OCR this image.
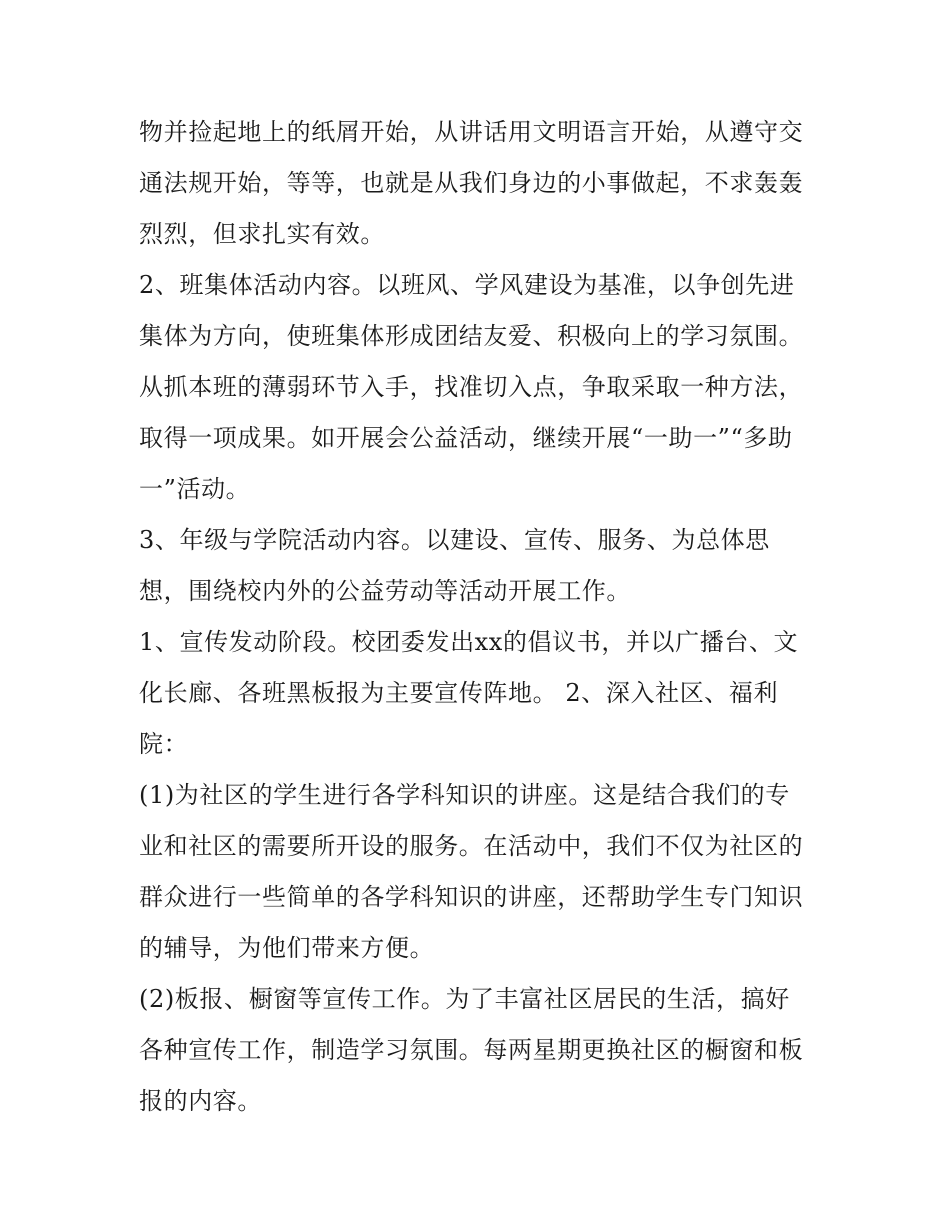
物并捡起地上的纸屑开始，从讲话用文明语言开始，从遵守交
通法规开始，等等，也就是从我们身边的小事做起，不求轰轰
烈烈，但求扎实有效。
2、班集体活动内容。以班风、学风建设为基准，以争创先进
集体为方向，使班集体形成团结友爱、积极向上的学习氛围。
从抓本班的薄弱环节入手，找准切入点，争取采取一种方法，
取得一项成果。如开展会公益活动，继续开展“一助一”“多助
一”活动。
3、年级与学院活动内容。以建设、宣传、服务、为总体思
想，围绕校内外的公益劳动等活动开展工作。
1、宣传发动阶段。校团委发出xx的倡议书，并以广播台、文
化长廊、各班黑板报为主要宣传阵地。 2、深入社区、福利
院：
(1)为社区的学生进行各学科知识的讲座。这是结合我们的专
业和社区的需要所开设的服务。在活动中，我们不仅为社区的
群众进行一些简单的各学科知识的讲座，还帮助学生专门知识
的辅导，为他们带来方便。
(2)板报、橱窗等宣传工作。为了丰富社区居民的生活，搞好
各种宣传工作，制造学习氛围。每两星期更换社区的橱窗和板
报的内容。
